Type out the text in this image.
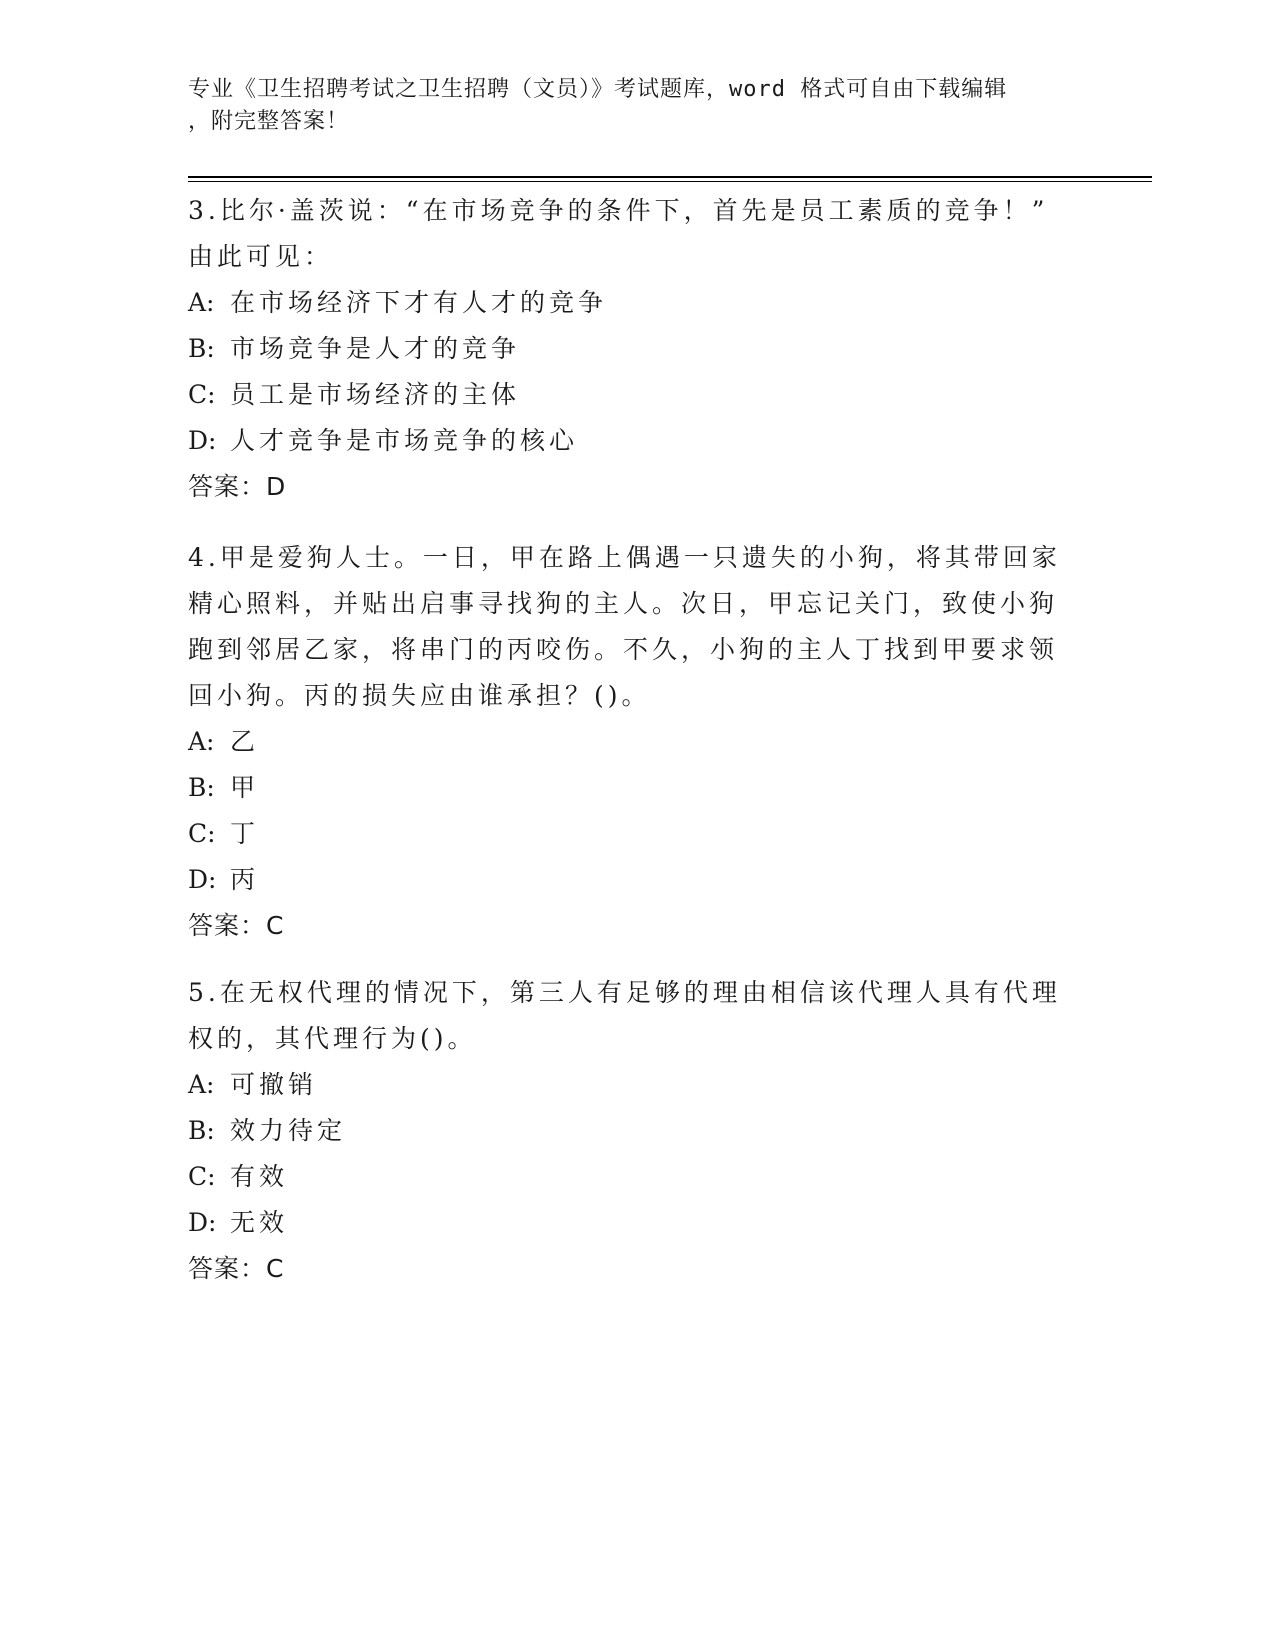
专业《卫生招聘考试之卫生招聘（文员）》考试题库，word 格式可自由下载编辑
，附完整答案！
3.比尔·盖茨说：“在市场竞争的条件下，首先是员工素质的竞争！”
由此可见：
A: 在市场经济下才有人才的竞争
B: 市场竞争是人才的竞争
C: 员工是市场经济的主体
D: 人才竞争是市场竞争的核心
答案：D
4.甲是爱狗人士。一日，甲在路上偶遇一只遗失的小狗，将其带回家
精心照料，并贴出启事寻找狗的主人。次日，甲忘记关门，致使小狗
跑到邻居乙家，将串门的丙咬伤。不久，小狗的主人丁找到甲要求领
回小狗。丙的损失应由谁承担？()。
A: 乙
B: 甲
C: 丁
D: 丙
答案：C
5.在无权代理的情况下，第三人有足够的理由相信该代理人具有代理
权的，其代理行为()。
A: 可撤销
B: 效力待定
C: 有效
D: 无效
答案：C
